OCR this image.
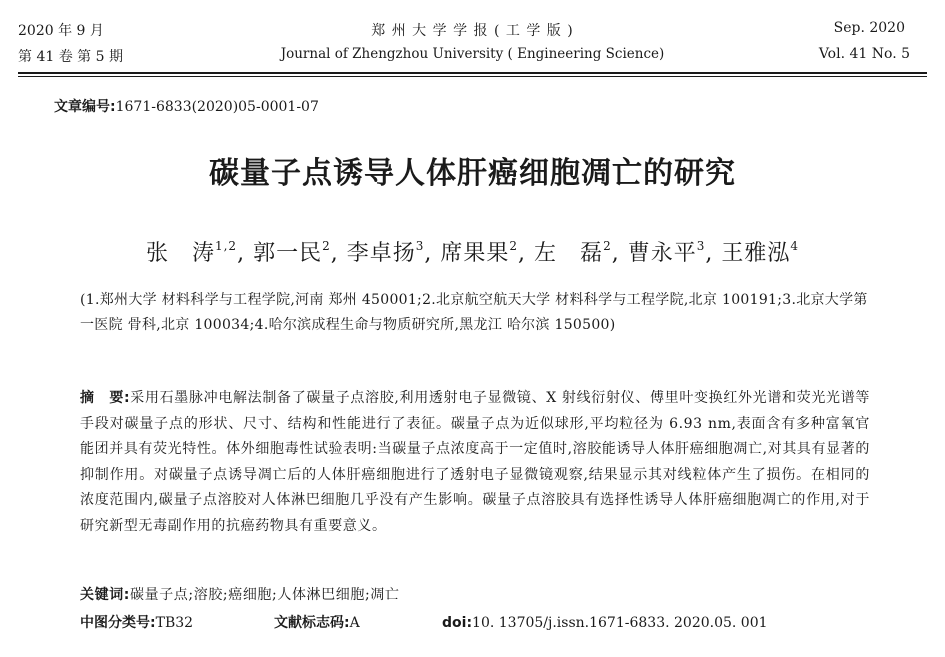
2020 年 9 月	郑 州 大 学 学 报 ( 工 学 版 )	Sep. 2020
第 41 卷 第 5 期	Journal of Zhengzhou University ( Engineering Science)	Vol. 41 No. 5
文章编号:1671-6833(2020)05-0001-07
碳量子点诱导人体肝癌细胞凋亡的研究
张　涛$^{1,2}$, 郭一民$^2$, 李卓扬$^3$, 席果果$^2$, 左　磊$^2$, 曹永平$^3$, 王雅泓$^4$
(1.郑州大学 材料科学与工程学院,河南 郑州 450001;2.北京航空航天大学 材料科学与工程学院,北京 100191;3.北京大学第一医院 骨科,北京 100034;4.哈尔滨成程生命与物质研究所,黑龙江 哈尔滨 150500)
摘　要:采用石墨脉冲电解法制备了碳量子点溶胶,利用透射电子显微镜、X 射线衍射仪、傅里叶变换红外光谱和荧光光谱等手段对碳量子点的形状、尺寸、结构和性能进行了表征。碳量子点为近似球形,平均粒径为 6.93 nm,表面含有多种富氧官能团并具有荧光特性。体外细胞毒性试验表明:当碳量子点浓度高于一定值时,溶胶能诱导人体肝癌细胞凋亡,对其具有显著的抑制作用。对碳量子点诱导凋亡后的人体肝癌细胞进行了透射电子显微镜观察,结果显示其对线粒体产生了损伤。在相同的浓度范围内,碳量子点溶胶对人体淋巴细胞几乎没有产生影响。碳量子点溶胶具有选择性诱导人体肝癌细胞凋亡的作用,对于研究新型无毒副作用的抗癌药物具有重要意义。
关键词:碳量子点;溶胶;癌细胞;人体淋巴细胞;凋亡
中图分类号:TB32	文献标志码:A	doi:10. 13705/j.issn.1671-6833. 2020.05. 001
